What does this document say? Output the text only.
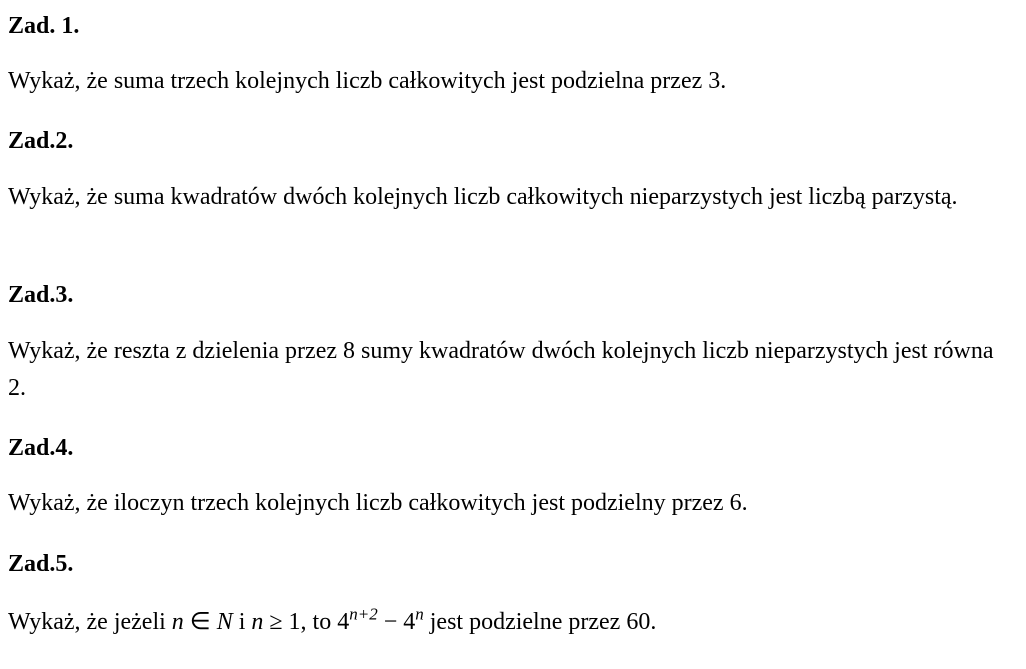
Zad. 1.
Wykaż, że suma trzech kolejnych liczb całkowitych jest podzielna przez 3.
Zad.2.
Wykaż, że suma kwadratów dwóch kolejnych liczb całkowitych nieparzystych jest liczbą parzystą.
Zad.3.
Wykaż, że reszta z dzielenia przez 8 sumy kwadratów dwóch kolejnych liczb nieparzystych jest równa 2.
Zad.4.
Wykaż, że iloczyn trzech kolejnych liczb całkowitych jest podzielny przez 6.
Zad.5.
Wykaż, że jeżeli n ∈ N i n ≥ 1, to $4^{n+2} - 4^n$ jest podzielne przez 60.
